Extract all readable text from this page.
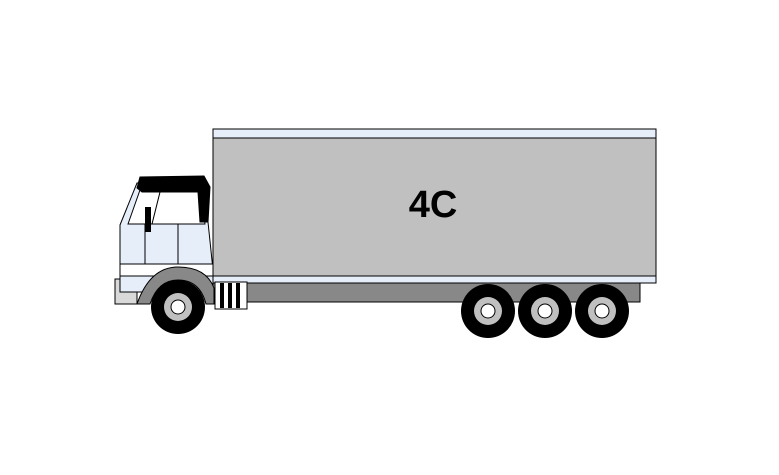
4C
